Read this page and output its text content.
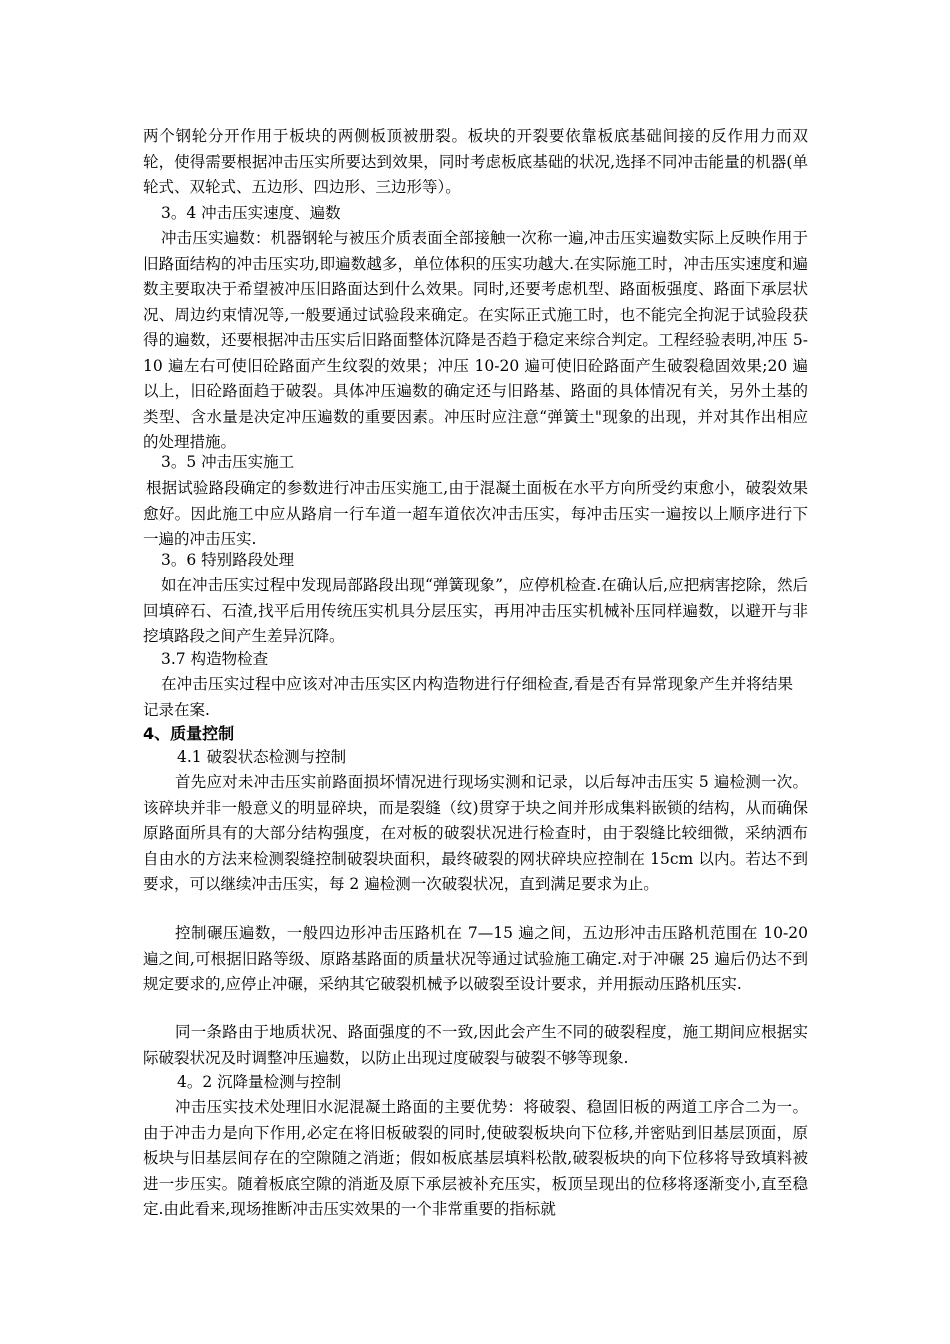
两个钢轮分开作用于板块的两侧板顶被册裂。板块的开裂要依靠板底基础间接的反作用力而双轮，使得需要根据冲击压实所要达到效果，同时考虑板底基础的状况,选择不同冲击能量的机器(单轮式、双轮式、五边形、四边形、三边形等）。
3。4 冲击压实速度、遍数
冲击压实遍数：机器钢轮与被压介质表面全部接触一次称一遍,冲击压实遍数实际上反映作用于旧路面结构的冲击压实功,即遍数越多，单位体积的压实功越大.在实际施工时，冲击压实速度和遍数主要取决于希望被冲压旧路面达到什么效果。同时,还要考虑机型、路面板强度、路面下承层状况、周边约束情况等,一般要通过试验段来确定。在实际正式施工时，也不能完全拘泥于试验段获得的遍数，还要根据冲击压实后旧路面整体沉降是否趋于稳定来综合判定。工程经验表明,冲压 5-10 遍左右可使旧砼路面产生纹裂的效果；冲压 10-20 遍可使旧砼路面产生破裂稳固效果;20 遍以上，旧砼路面趋于破裂。具体冲压遍数的确定还与旧路基、路面的具体情况有关，另外土基的类型、含水量是决定冲压遍数的重要因素。冲压时应注意“弹簧土"现象的出现，并对其作出相应的处理措施。
3。5 冲击压实施工
根据试验路段确定的参数进行冲击压实施工,由于混凝土面板在水平方向所受约束愈小，破裂效果愈好。因此施工中应从路肩一行车道一超车道依次冲击压实，每冲击压实一遍按以上顺序进行下一遍的冲击压实.
3。6 特别路段处理
如在冲击压实过程中发现局部路段出现“弹簧现象”，应停机检查.在确认后,应把病害挖除，然后回填碎石、石渣,找平后用传统压实机具分层压实，再用冲击压实机械补压同样遍数，以避开与非挖填路段之间产生差异沉降。
3.7 构造物检查
在冲击压实过程中应该对冲击压实区内构造物进行仔细检查,看是否有异常现象产生并将结果记录在案.
4、质量控制
4.1 破裂状态检测与控制
首先应对未冲击压实前路面损坏情况进行现场实测和记录，以后每冲击压实 5 遍检测一次。该碎块并非一般意义的明显碎块，而是裂缝（纹)贯穿于块之间并形成集料嵌锁的结构，从而确保原路面所具有的大部分结构强度，在对板的破裂状况进行检查时，由于裂缝比较细微，采纳洒布自由水的方法来检测裂缝控制破裂块面积，最终破裂的网状碎块应控制在 15cm 以内。若达不到要求，可以继续冲击压实，每 2 遍检测一次破裂状况，直到满足要求为止。
控制碾压遍数，一般四边形冲击压路机在 7—15 遍之间，五边形冲击压路机范围在 10-20 遍之间,可根据旧路等级、原路基路面的质量状况等通过试验施工确定.对于冲碾 25 遍后仍达不到规定要求的,应停止冲碾，采纳其它破裂机械予以破裂至设计要求，并用振动压路机压实.
同一条路由于地质状况、路面强度的不一致,因此会产生不同的破裂程度，施工期间应根据实际破裂状况及时调整冲压遍数，以防止出现过度破裂与破裂不够等现象.
4。2 沉降量检测与控制
冲击压实技术处理旧水泥混凝土路面的主要优势：将破裂、稳固旧板的两道工序合二为一。由于冲击力是向下作用,必定在将旧板破裂的同时,使破裂板块向下位移,并密贴到旧基层顶面，原板块与旧基层间存在的空隙随之消逝；假如板底基层填料松散,破裂板块的向下位移将导致填料被进一步压实。随着板底空隙的消逝及原下承层被补充压实，板顶呈现出的位移将逐渐变小,直至稳定.由此看来,现场推断冲击压实效果的一个非常重要的指标就
